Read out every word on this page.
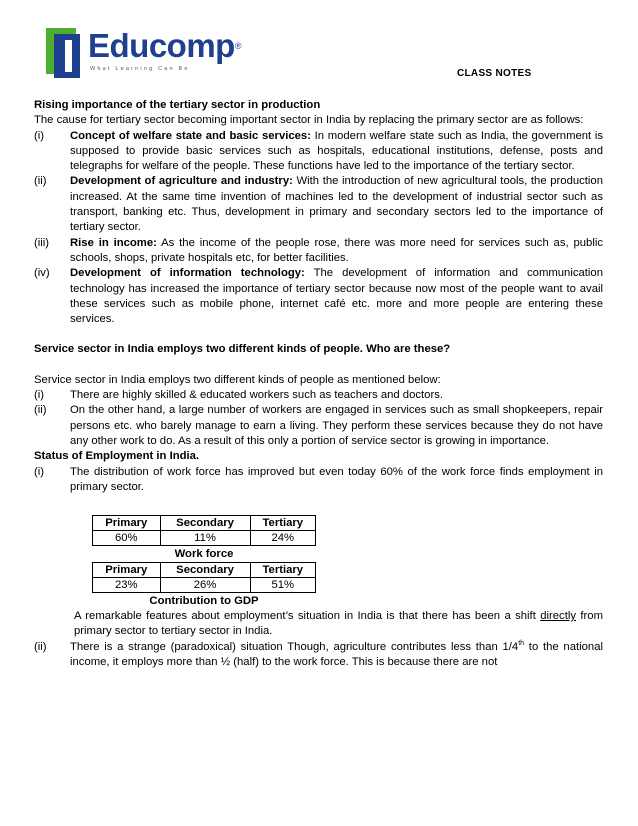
Educomp®
What Learning Can Be	CLASS NOTES

Rising importance of the tertiary sector in production

The cause for tertiary sector becoming important sector in India by replacing the primary sector are as follows:

(i)	Concept of welfare state and basic services: In modern welfare state such as India, the government is supposed to provide basic services such as hospitals, educational institutions, defense, posts and telegraphs for welfare of the people. These functions have led to the importance of the tertiary sector.
(ii)	Development of agriculture and industry: With the introduction of new agricultural tools, the production increased. At the same time invention of machines led to the development of industrial sector such as transport, banking etc. Thus, development in primary and secondary sectors led to the importance of tertiary sector.
(iii)	Rise in income: As the income of the people rose, there was more need for services such as, public schools, shops, private hospitals etc, for better facilities.
(iv)	Development of information technology: The development of information and communication technology has increased the importance of tertiary sector because now most of the people want to avail these services such as mobile phone, internet café etc. more and more people are entering these services.

Service sector in India employs two different kinds of people. Who are these?

Service sector in India employs two different kinds of people as mentioned below:

(i)	There are highly skilled & educated workers such as teachers and doctors.
(ii)	On the other hand, a large number of workers are engaged in services such as small shopkeepers, repair persons etc. who barely manage to earn a living. They perform these services because they do not have any other work to do. As a result of this only a portion of service sector is growing in importance.

Status of Employment in India.

(i)	The distribution of work force has improved but even today 60% of the work force finds employment in primary sector.
Primary	Secondary	Tertiary
60%	11%	24%
Work force
Primary	Secondary	Tertiary
23%	26%	51%
Contribution to GDP

A remarkable features about employment’s situation in India is that there has been a shift directly from primary sector to tertiary sector in India.

(ii)	There is a strange (paradoxical) situation Though, agriculture contributes less than 1/4th to the national income, it employs more than ½ (half) to the work force. This is because there are not
